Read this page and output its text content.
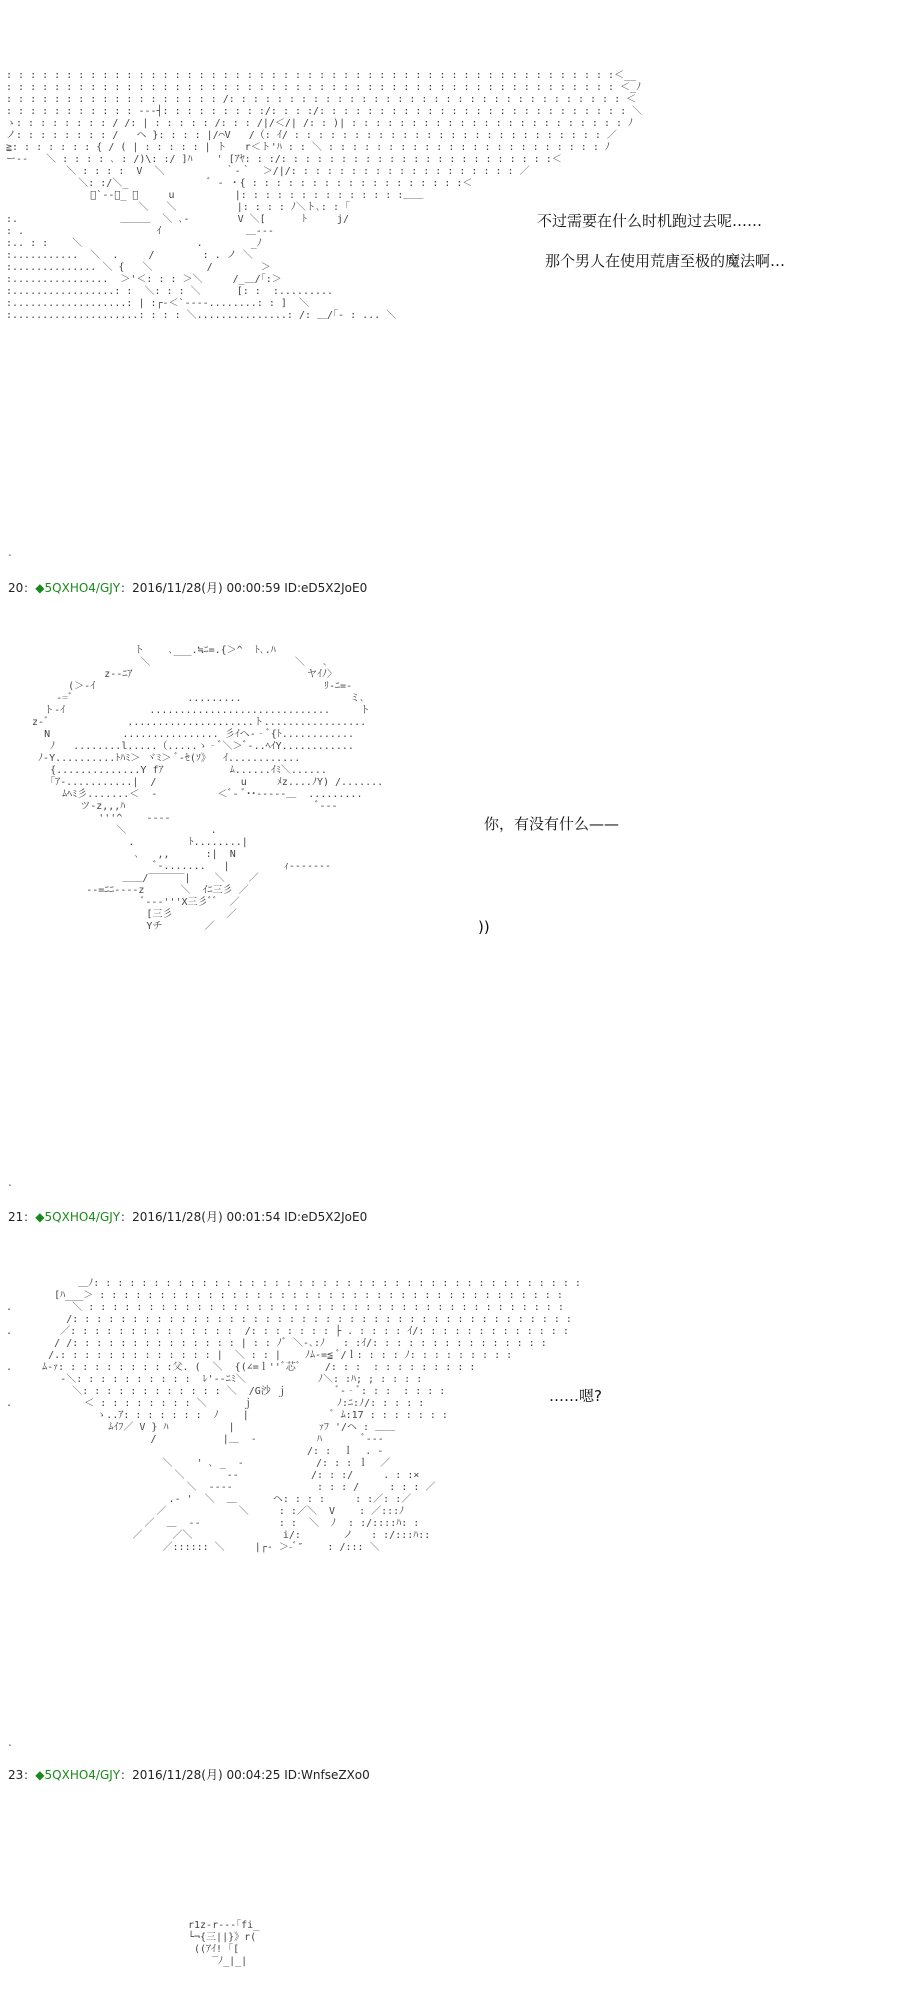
: : : : : : : : : : : : : : : : : : : : : : : : : : : : : : : : : : : : : : : : : : : : : : : : : : :＜__
: : : : : : : : : : : : : : : : : : : : : : : : : : : : : : : : : : : : : : : : : : : : : : : : : : : ＜_ﾉ
: : : : : : : : : : : : : : : : : : /: : : : : : : : : : : : : : : : : : : : : : : : : : : : : : : : : ＜
: : : : : : : : : : : ---┤: : : : : : : : :/: : : :/: : : : : : : : : : : : : : : : : : : : : : : : : : ＼
ゝ: : : : : : : : / /: | : : : : : /: : : /|/＜/| /: : )| : : : : : : : : : : : : : : : : : : : : : : : ﾉ
ノ: : : : : : : : /   ヘ }: : : : |/⌒V   /（: ｲ/ : : : : : : : : : : : : : : : : : : : : : : : : : : ／
≧: : : : : : : { / ( | : : : : : | ト   r＜ト'ﾊ : : ＼ : : : : : : : : : : : : : : : : : : : : : : : ﾉ
ー--   ＼ : : : : ､ : /)\: :/ ]ﾊ    ' [ｱﾔ: : :/: : : : : : : : : : : : : : : : : : : : : : :＜
＼ : : : :  V  ＼          ｀‐｀  ＞/|/: : : : : : : : : : : : : : : : : : : ／
＼: :/＼_             ﾞ ‐ ・{ : : : : : : : : : : : : : : : : : :＜
ﾞ`‐-､_ ＼     u          |: : : : : : : : : : : : : :＿＿
＼   ＼          |: : : : ﾉ＼ト､: : ｢
:.                 ＿＿＿  ＼ ､-        V ＼[      ﾄ     j/
: .                      ｲ              ＿--‐
:.. : :    ＼                   .        _ﾉ
:...........  ＼  .     /        : . ノ ＼
:.............. ＼ {   ＼         /        ＞
:................  ＞'＜: : : ＞＼     /_＿/｢:＞
:.................: :  ＼: : : ＼      [: :  :.........
:...................: | :┌‐＜`‐‐‐‐........: : ]  ＼
:.....................: : : : ＼...............: /: ＿/｢- : ... ＼
不过需要在什么时机跑过去呢……
那个男人在使用荒唐至极的魔法啊…
.
20：◆5QXHO4/GJY：2016/11/28(月) 00:00:59 ID:eD5X2JoE0
ト    ､___.≒ﾆ=.{＞^  ﾄ､.ﾊ
＼                        ＼   ､
z‐‐ﾆｱ                             ヤｲﾉ〉
(＞-ｲ                                      ﾘ-ﾆ=-
-=ﾞ                   .........                  ミ､
ト‐ｲ              ..............................     ト
z-ﾞ             .....................ト.................
N            ................ 彡ｲへ-‐ﾞ{ﾄ............
ﾉ   ........l.....（.....ゝ‐ﾞ＼＞ﾞ‐..ﾍｲY............
ﾉ‐Y..........ﾄﾊﾐ＞ ヾﾐ＞ ﾞ‐ｾ(ｿ》  ｲ............
{..............Y fｱ           ﾑ......ｲﾐ＼......
｢ｱ‐...........|  /              u     ﾒz....ﾉY) /.......
ﾑﾍﾐ彡.......＜  -          ＜ﾞ‐ ﾞ･･‐‐‐--＿  .........
ツ-z,,,ﾊ                                ﾞ‐‐-
'''^    -‐‐-
＼              .
.         ﾄ........|
､   ,,      :|  N
ﾞ‐.......   |         ｨ‐‐‐‐‐‐‐
＿＿/‾‾‾‾‾‾|    ＼    ／
--=ﾆﾆ‐‐‐‐z      ＼  ｲﾆ三彡 ／
ﾞ‐‐‐'''X三彡ﾞﾞ  ／
[三彡         ／
Yチ       ／
你，有没有什么——
))
.
21：◆5QXHO4/GJY：2016/11/28(月) 00:01:54 ID:eD5X2JoE0
＿ﾉ: : : : : : : : : : : : : : : : : : : : : : : : : : : : : : : : : : : : : : : : :
[ﾊ___＞ : : : : : : : : : : : : : : : : : : : : : : : : : : : : : : : : : : : : : : :
.          ＼ : : : : : : : : : : : : : : : : : : : : : : : : : : : : : : : : : : : : : : : :
/: : : : : : : : : : : : : : : : : : : : : : : : : : : : : : : : : : : : : : : : : :
.        ／: : : : : : : : : : : : : :  /: : : : : : : ├ . : : : : ｲ/: : : : : : : : : : : : :
/ /: : : : : : : : : : : : : : | : : ﾉﾞ ＼‐､:ﾉ   : :ｲ/: : : : : : : : : : : : : : :
/.: : : : : : : : : : : : : |  ＼ : : |    ﾉﾑ‐=≦ ﾞ/ｌ: : : : ﾉ: : : : : : : : :
.     ﾑ‐ｧ: : : : : : : : : :父. (  ＼  {(∠=ｌ''ﾞ芯ﾞ    /: : :  : : : : : : : : :
‐＼: : : : : : : : : :  ﾚ'‐‐ﾆﾐ＼            ﾉ＼: :ﾊ; ; : : : :
＼: : : : : : : : : : : : ＼  /G沙 ｊ        ﾞ‐‐ﾞ: : :  : : : :
.            ＜ : : : : : : : : ＼      ｊ              ﾉ:ﾆ:ﾉ/: : : : :
ゝ..ｱ: : : : : : :  ﾉ    |              ﾞ ﾑ:17 : : : : : : :
ﾑｲﾌ／ V } ﾊ          |              ｧﾌ '/ヘ : ＿＿
/           |＿  -          ﾊ       ﾞ‐‐‐
/: :  ｌ  . -
＼    ' ､ _  ‐            /: : : ｌ  ／
＼       ‐‐            /: : :/     . : :×
＼  ‐‐‐‐              : : : /     : : : ／
.‐ '  ＼  ＿      ヘ: : : :     : :／: :／
／            ＼     : :／＼  V    : ／:::ﾉ
／  ＿  ‐‐             : :  ＼  ﾉ  : :/::::ﾊ: :
／     ／＼               i/:       ノ   : :/:::ﾊ::
／:::::: ＼     |┌‐ ＞-ﾞ″    : /::: ＼
……嗯?
.
23：◆5QXHO4/GJY：2016/11/28(月) 00:04:25 ID:WnfseZXo0
r1z-r‐‐‐｢fi_
└¬{三||}》r(
((ｱｲ! ｢[
‾ﾉ_|_|
